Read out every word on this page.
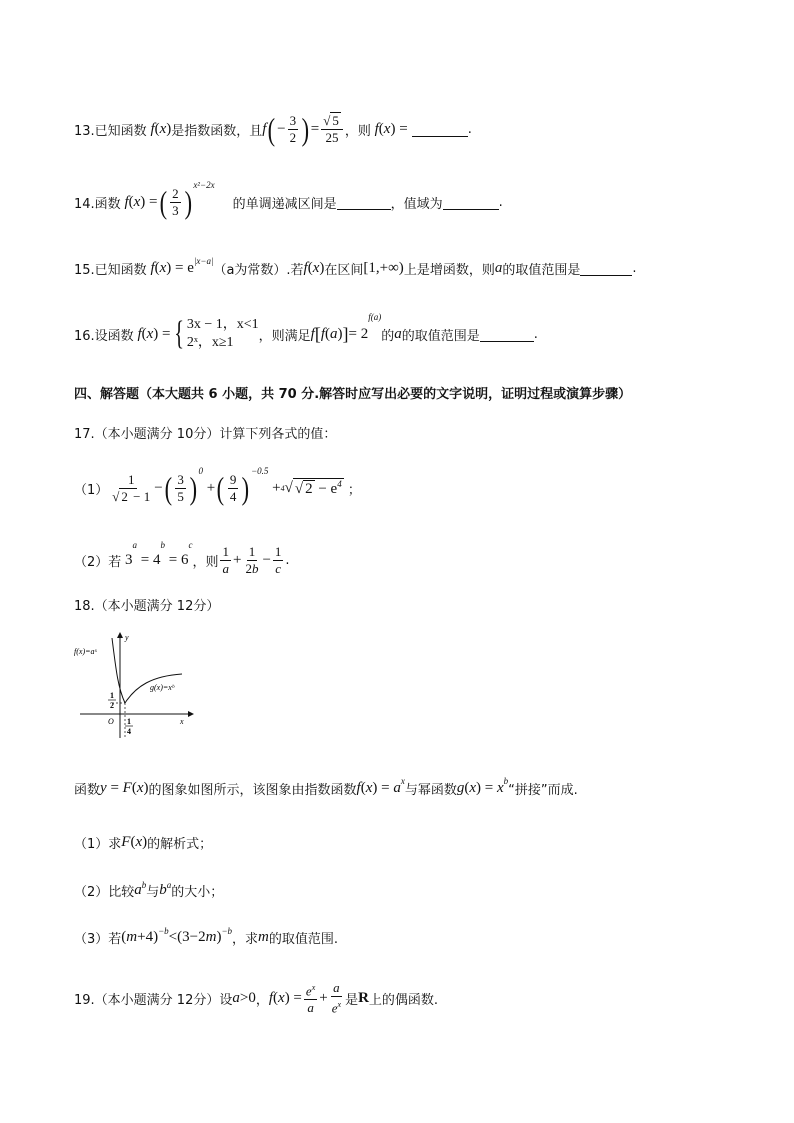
13.已知函数 f ( x ) 是指数函数，且 f ( − $\frac{3}{2}$ ) = $\frac{√ 5}{25}$ ，则 f ( x ) =	.
14.函数 f ( x ) = ( $\frac{2}{3}$ ) x²−2x
的单调递减区间是	，值域为	.
15.已知函数 f ( x ) = e |x−a|
（a为常数） .若 f ( x ) 在区间 [1,+∞) 上是增函数，则 a 的取值范围是	.
16.设函数 f ( x ) = { 3x − 1，x<1
2ˣ，x≥1	，则满足 f [ f ( a ) ] = 2
f(a)
的 a 的取值范围是	.
四、解答题（本大题共 6 小题，共 70 分.解答时应写出必要的文字说明，证明过程或演算步骤）
17.（本小题满分 10分）计算下列各式的值：
$(1) \frac{1}{√ 2 - 1}$ − ( $\frac{3}{5}$ ) 0
+ ( $\frac{9}{4}$ ) −0.5
+ 4 √ √ $2 - e^4$ ；
（2）若 3
a
= 4
b
= 6
c
，则 $\frac{1}{a} + \frac{1}{2b} - \frac{1}{c}$ .
18.（本小题满分 12分）
f(x)=aˣ
g(x)=xᵇ
y
x
O
1
2
1
4
函数 y = F ( x ) 的图象如图所示，该图象由指数函数 f ( x ) = a x
与幂函数 g ( x ) = x b
“拼接”而成.
（1）求 F ( x ) 的解析式；
（2）比较 a b 与 b a 的大小；
（3）若 ( m +4) −b <(3−2 m ) −b
，求 m 的取值范围.
19.（本小题满分 12分）设 a >0 ， f ( x ) = $\frac{e^x}{a} + \frac{a}{e^x}$ 是 R 上的偶函数.
